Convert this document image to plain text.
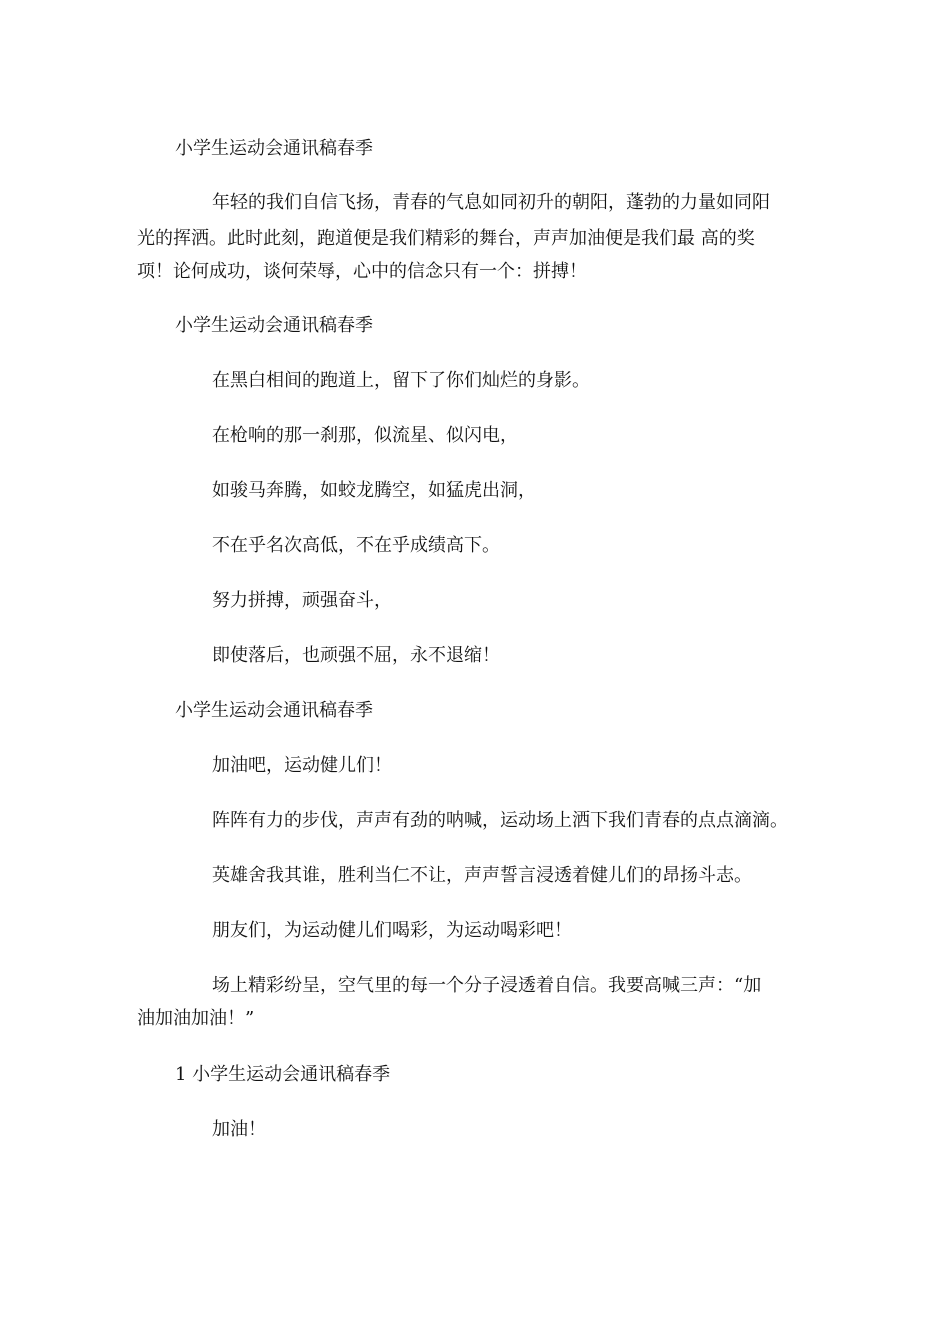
小学生运动会通讯稿春季
年轻的我们自信飞扬，青春的气息如同初升的朝阳，蓬勃的力量如同阳
光的挥洒。此时此刻，跑道便是我们精彩的舞台，声声加油便是我们最 高的奖
项！论何成功，谈何荣辱，心中的信念只有一个：拼搏！
小学生运动会通讯稿春季
在黑白相间的跑道上，留下了你们灿烂的身影。
在枪响的那一刹那，似流星、似闪电，
如骏马奔腾，如蛟龙腾空，如猛虎出洞，
不在乎名次高低，不在乎成绩高下。
努力拼搏，顽强奋斗，
即使落后，也顽强不屈，永不退缩！
小学生运动会通讯稿春季
加油吧，运动健儿们！
阵阵有力的步伐，声声有劲的呐喊，运动场上洒下我们青春的点点滴滴。
英雄舍我其谁，胜利当仁不让，声声誓言浸透着健儿们的昂扬斗志。
朋友们，为运动健儿们喝彩，为运动喝彩吧！
场上精彩纷呈，空气里的每一个分子浸透着自信。我要高喊三声：“加
油加油加油！”
1 小学生运动会通讯稿春季
加油！
